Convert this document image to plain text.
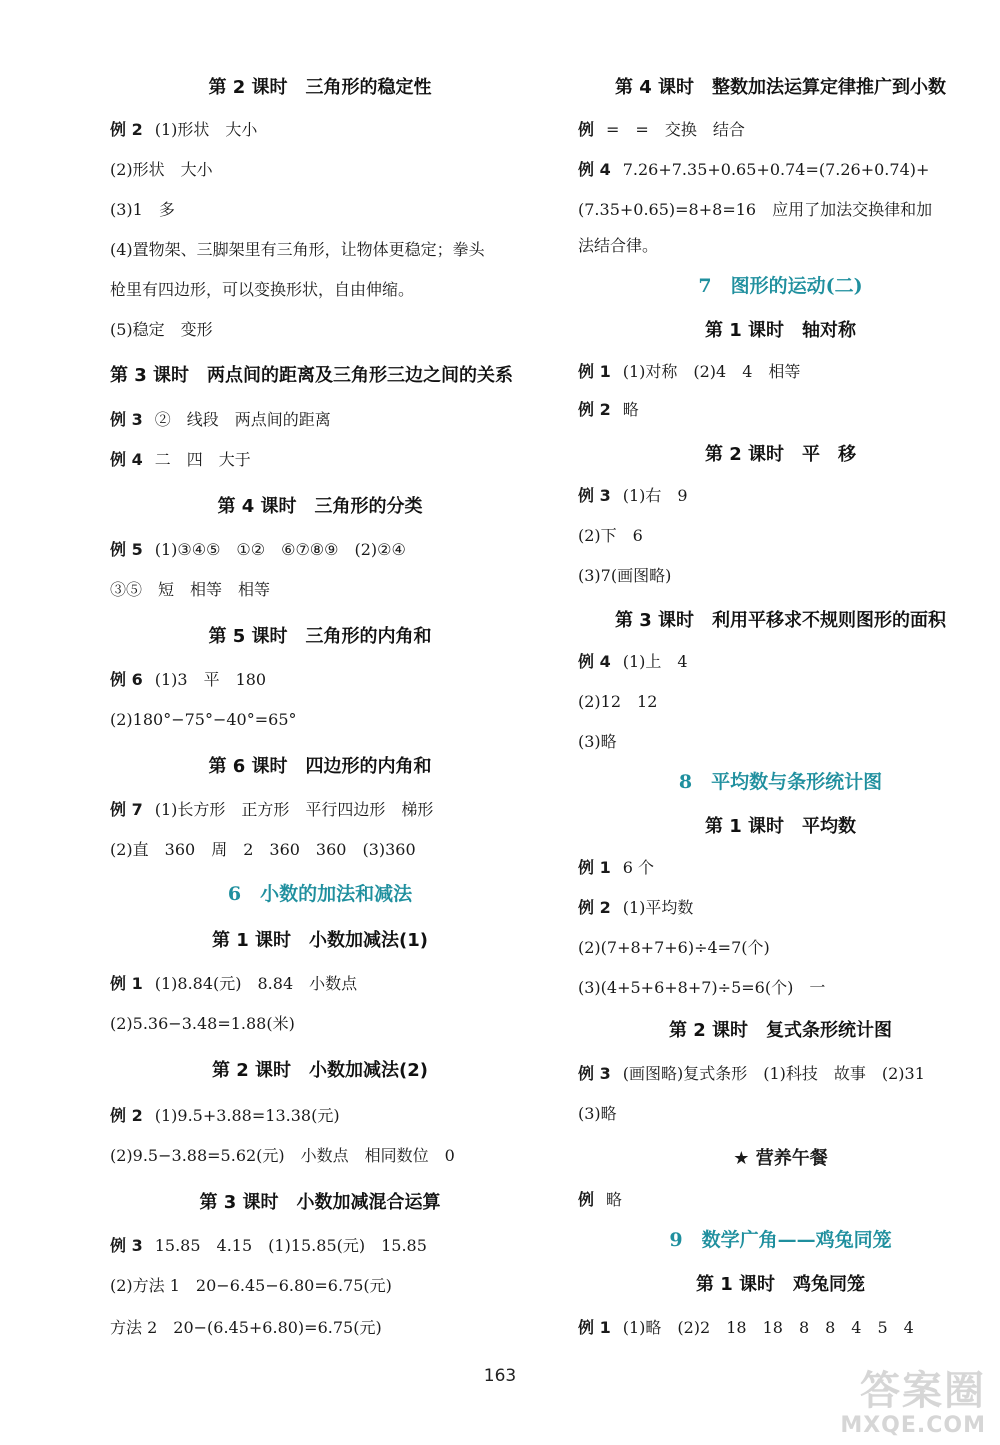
第 2 课时　三角形的稳定性
例 2 (1)形状　大小
(2)形状　大小
(3)1　多
(4)置物架、三脚架里有三角形，让物体更稳定；拳头
枪里有四边形，可以变换形状，自由伸缩。
(5)稳定　变形
第 3 课时　两点间的距离及三角形三边之间的关系
例 3 ②　线段　两点间的距离
例 4 二　四　大于
第 4 课时　三角形的分类
例 5 (1)③④⑤　①②　⑥⑦⑧⑨　(2)②④
③⑤　短　相等　相等
第 5 课时　三角形的内角和
例 6 (1)3　平　180
(2)180°−75°−40°=65°
第 6 课时　四边形的内角和
例 7 (1)长方形　正方形　平行四边形　梯形
(2)直　360　周　2　360　360　(3)360
6　小数的加法和减法
第 1 课时　小数加减法(1)
例 1 (1)8.84(元)　8.84　小数点
(2)5.36−3.48=1.88(米)
第 2 课时　小数加减法(2)
例 2 (1)9.5+3.88=13.38(元)
(2)9.5−3.88=5.62(元)　小数点　相同数位　0
第 3 课时　小数加减混合运算
例 3 15.85　4.15　(1)15.85(元)　15.85
(2)方法 1　20−6.45−6.80=6.75(元)
方法 2　20−(6.45+6.80)=6.75(元)
第 4 课时　整数加法运算定律推广到小数
例 =　=　交换　结合
例 4 7.26+7.35+0.65+0.74=(7.26+0.74)+
(7.35+0.65)=8+8=16　应用了加法交换律和加
法结合律。
7　图形的运动(二)
第 1 课时　轴对称
例 1 (1)对称　(2)4　4　相等
例 2 略
第 2 课时　平　移
例 3 (1)右　9
(2)下　6
(3)7(画图略)
第 3 课时　利用平移求不规则图形的面积
例 4 (1)上　4
(2)12　12
(3)略
8　平均数与条形统计图
第 1 课时　平均数
例 1 6 个
例 2 (1)平均数
(2)(7+8+7+6)÷4=7(个)
(3)(4+5+6+8+7)÷5=6(个)　一
第 2 课时　复式条形统计图
例 3 (画图略)复式条形　(1)科技　故事　(2)31
(3)略
★ 营养午餐
例 略
9　数学广角——鸡兔同笼
第 1 课时　鸡兔同笼
例 1 (1)略　(2)2　18　18　8　8　4　5　4
163	答案圈
MXQE.COM
